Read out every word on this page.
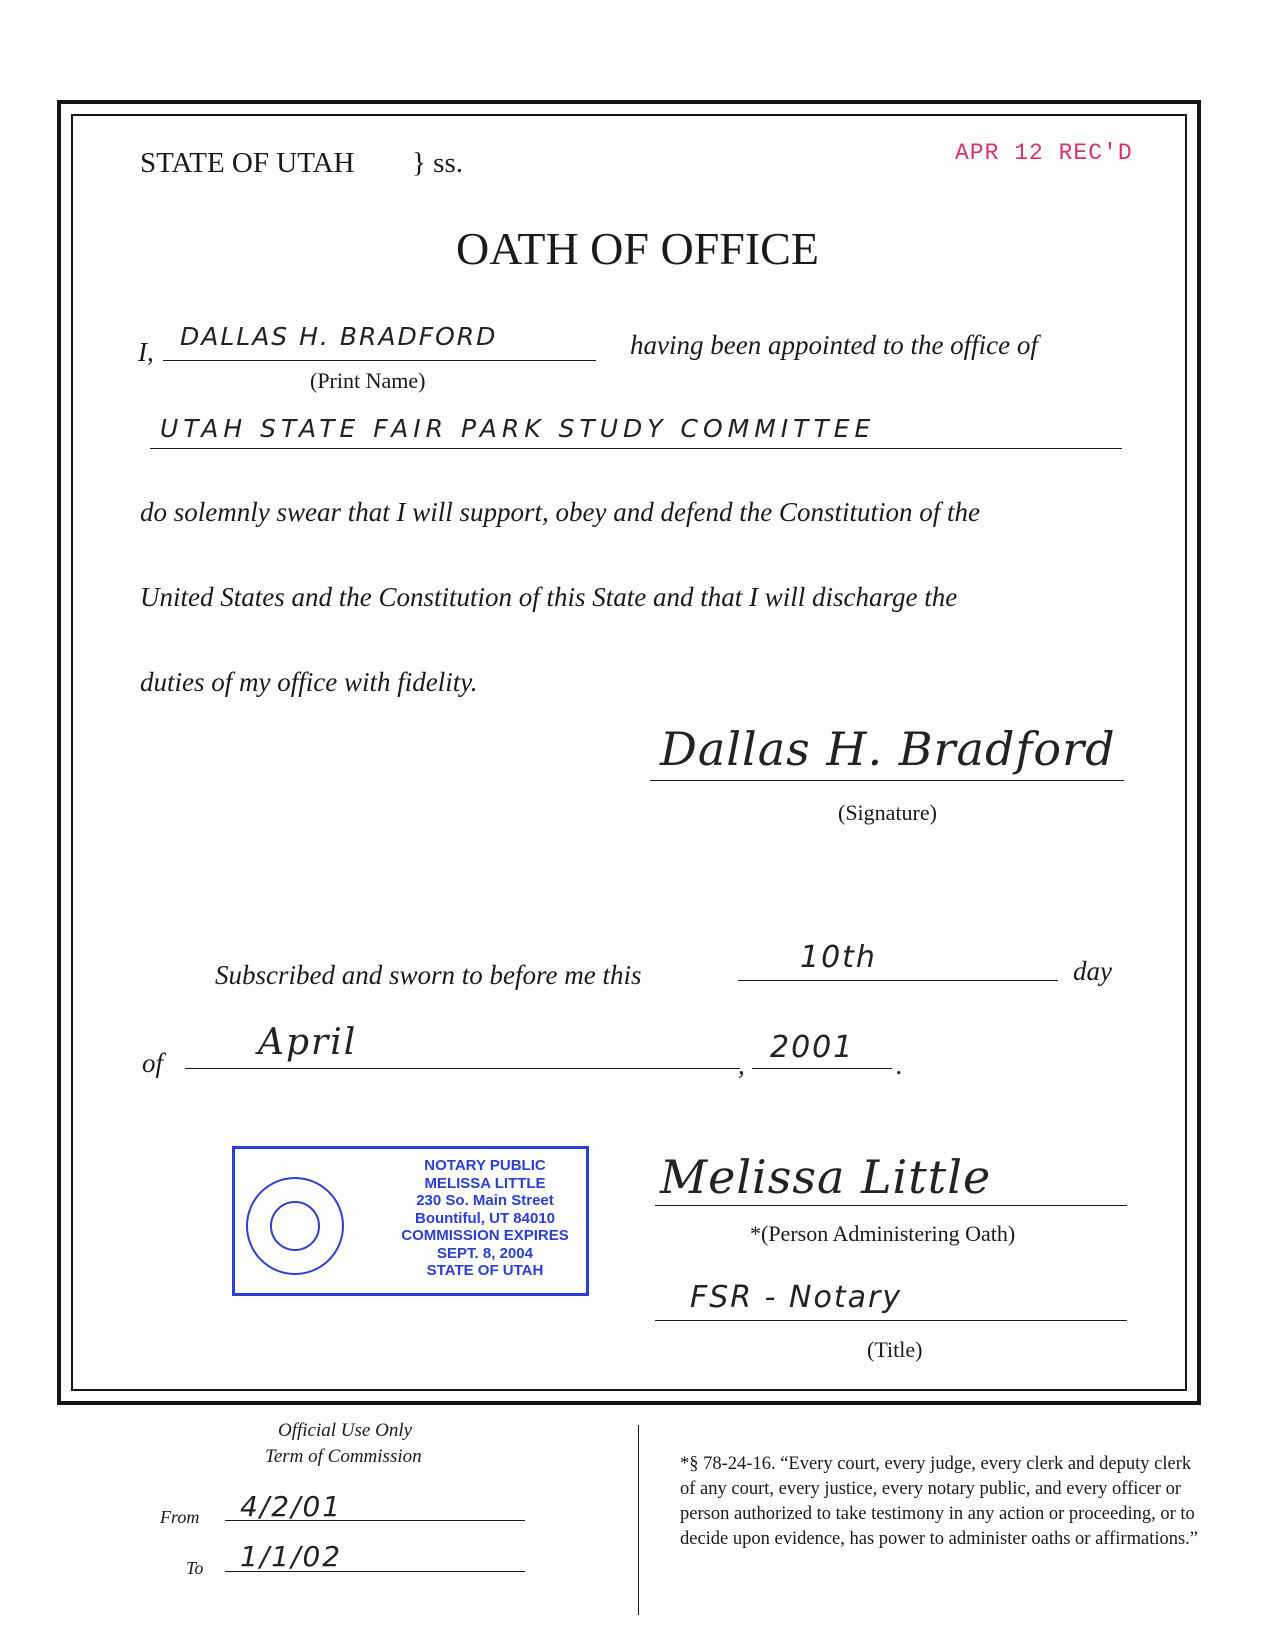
STATE OF UTAH } ss.	APR 12 REC'D
OATH OF OFFICE
I,
DALLAS H. BRADFORD	having been appointed to the office of
(Print Name)
UTAH STATE FAIR PARK STUDY COMMITTEE
do solemnly swear that I will support, obey and defend the Constitution of the
United States and the Constitution of this State and that I will discharge the
duties of my office with fidelity.
Dallas H. Bradford
(Signature)
Subscribed and sworn to before me this	10th	day
of	April
, 2001 .
NOTARY PUBLIC
MELISSA LITTLE
230 So. Main Street
Bountiful, UT 84010
COMMISSION EXPIRES
SEPT. 8, 2004
STATE OF UTAH
Melissa Little
*(Person Administering Oath)
FSR - Notary
(Title)
Official Use Only
Term of Commission
From 4/2/01
To 1/1/02
*§ 78-24-16. “Every court, every judge, every clerk and deputy clerk of any court, every justice, every notary public, and every officer or person authorized to take testimony in any action or proceeding, or to decide upon evidence, has power to administer oaths or affirmations.”
